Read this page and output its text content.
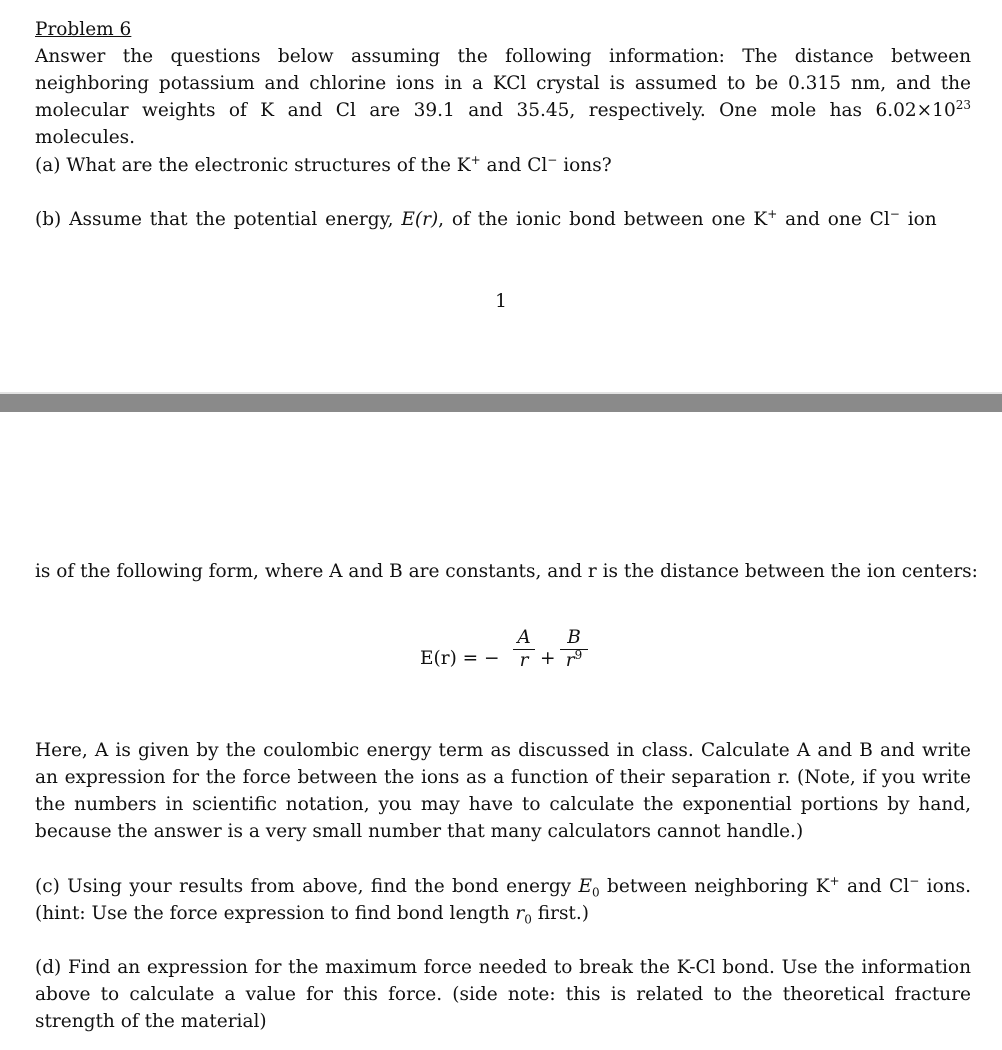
Problem 6

Answer the questions below assuming the following information: The distance between neighboring potassium and chlorine ions in a KCl crystal is assumed to be 0.315 nm, and the molecular weights of K and Cl are 39.1 and 35.45, respectively. One mole has $6.02\times 10^{23}$ molecules.

(a) What are the electronic structures of the K+ and Cl− ions?

(b) Assume that the potential energy, E(r), of the ionic bond between one K+ and one Cl− ion

1

is of the following form, where A and B are constants, and r is the distance between the ion centers:

E(r) = −
A
r +
B
$r^9$

Here, A is given by the coulombic energy term as discussed in class. Calculate A and B and write an expression for the force between the ions as a function of their separation r. (Note, if you write the numbers in scientific notation, you may have to calculate the exponential portions by hand, because the answer is a very small number that many calculators cannot handle.)

(c) Using your results from above, find the bond energy $E_0$ between neighboring K+ and Cl− ions. (hint: Use the force expression to find bond length $r_0$ first.)

(d) Find an expression for the maximum force needed to break the K-Cl bond. Use the information above to calculate a value for this force. (side note: this is related to the theoretical fracture strength of the material)
